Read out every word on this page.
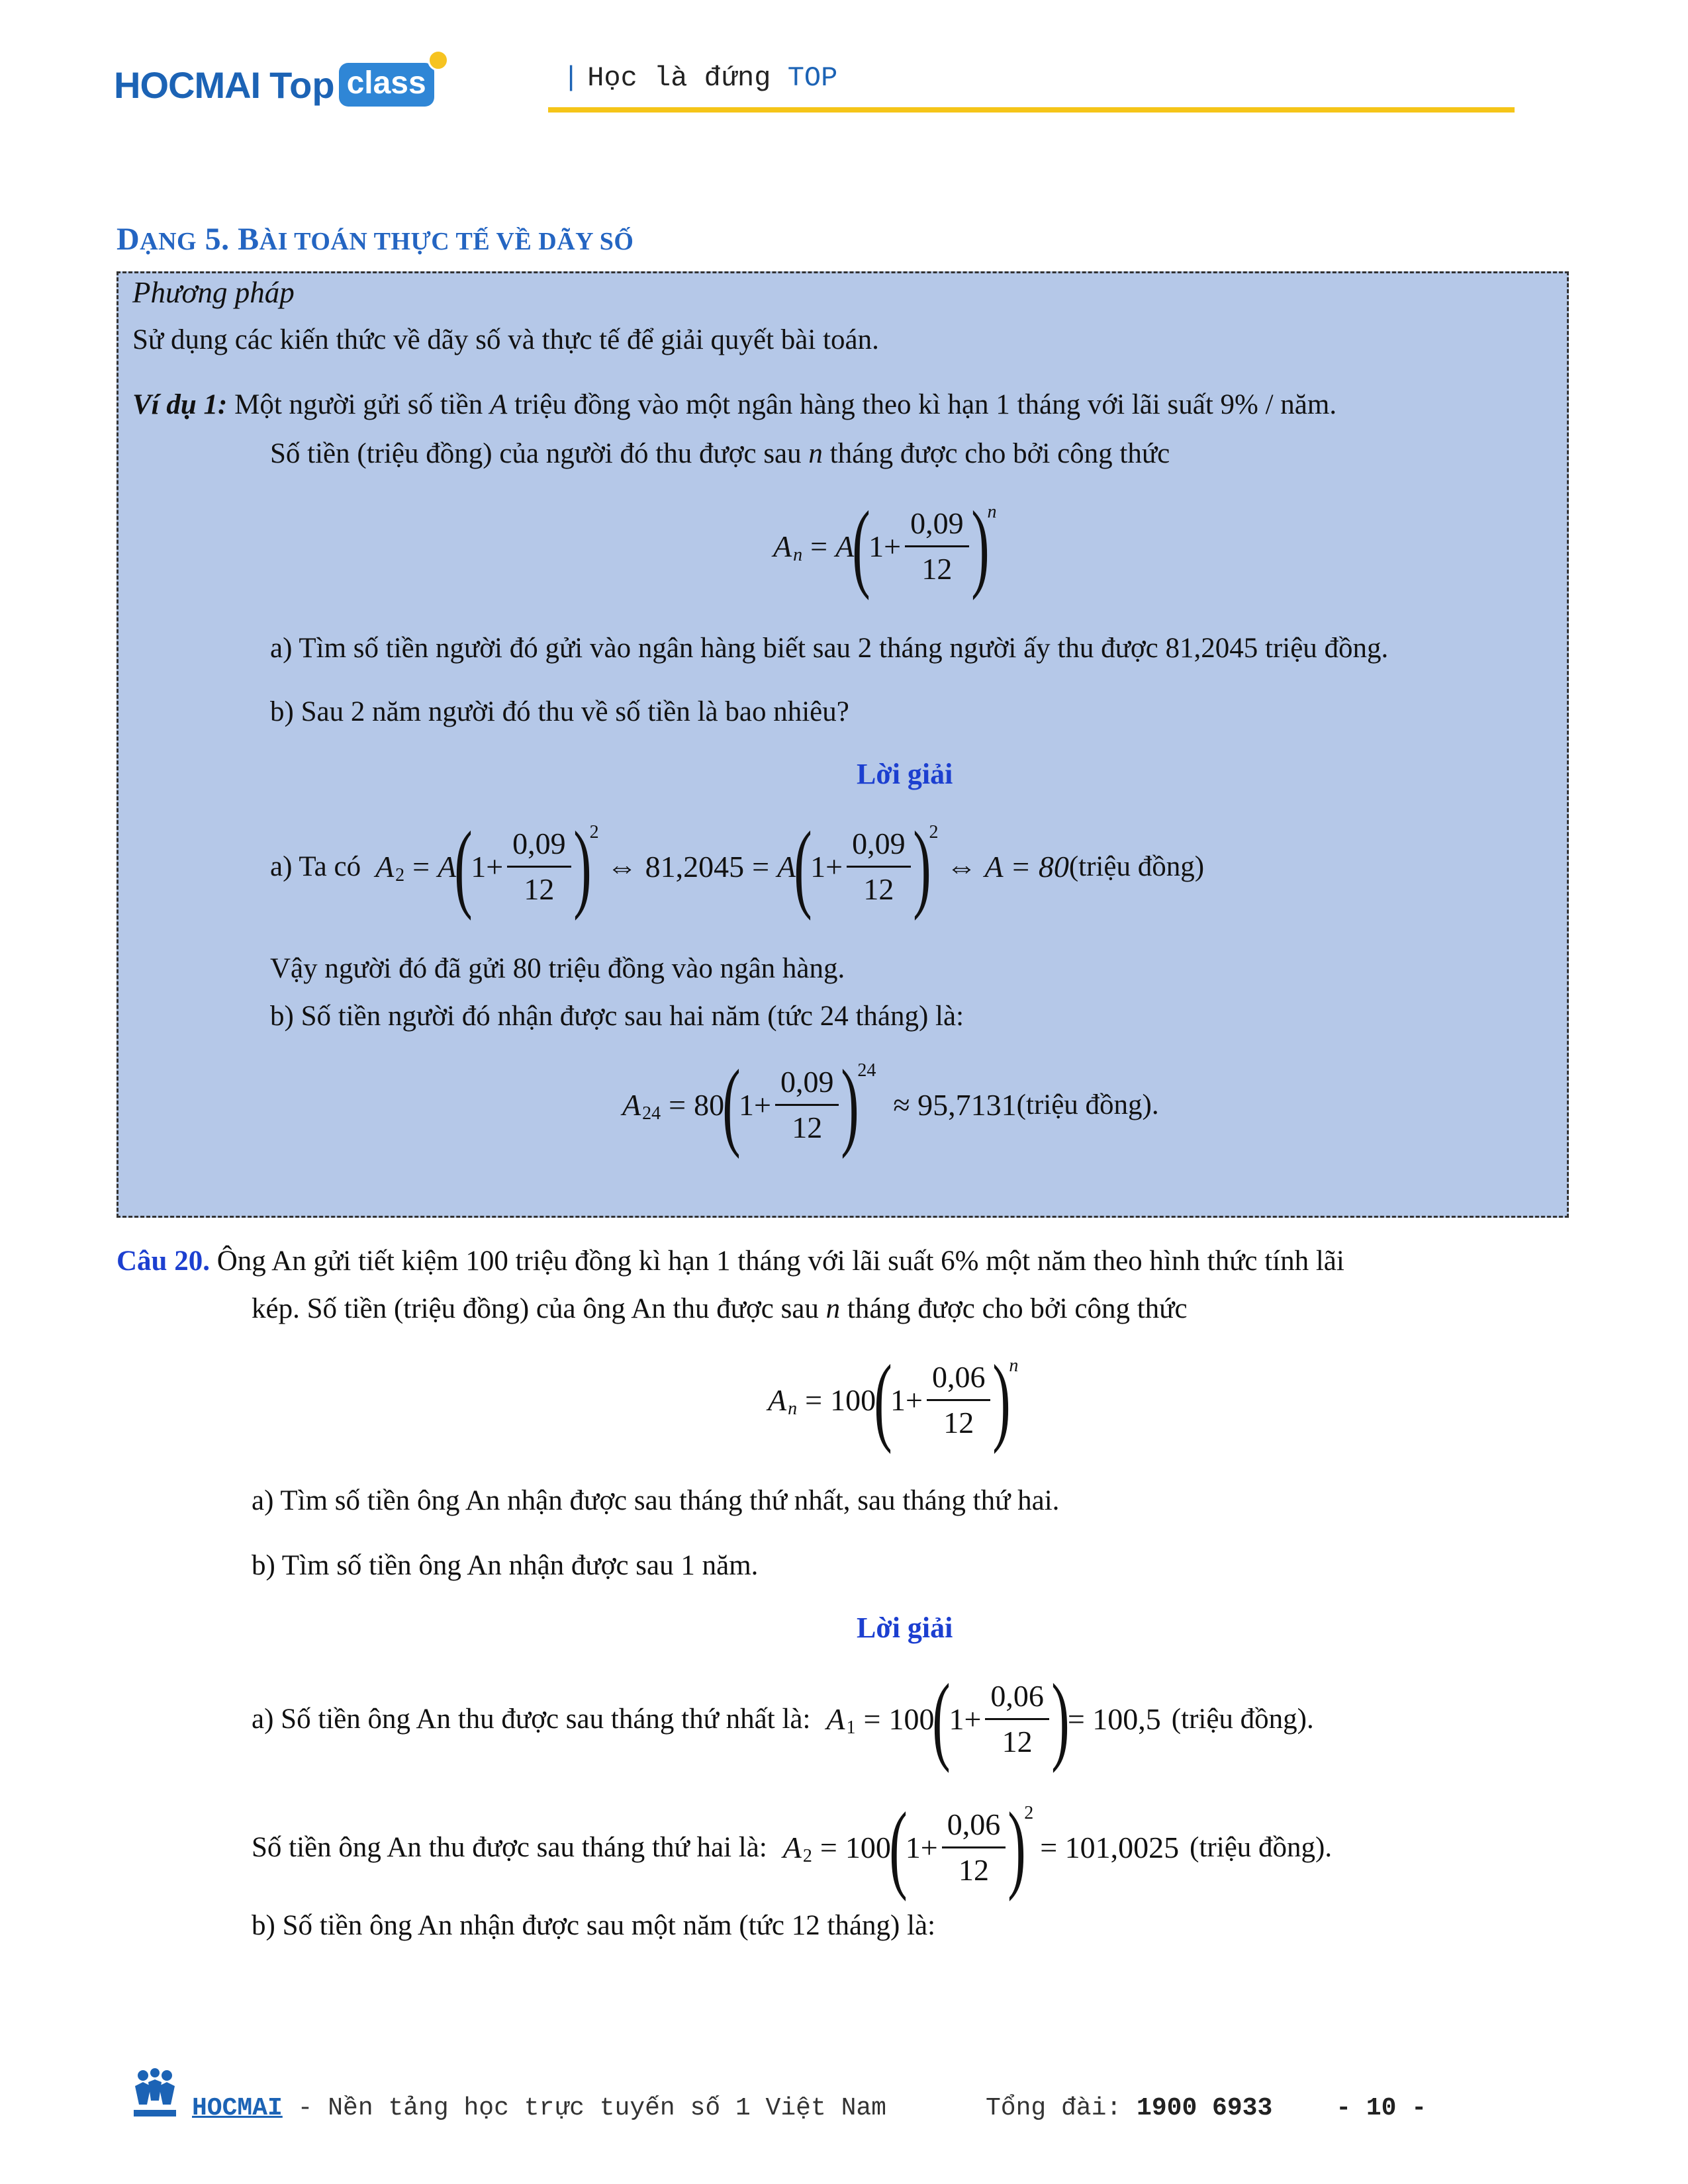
HOCMAI Top class	| Học là đứng TOP
DẠNG 5. BÀI TOÁN THỰC TẾ VỀ DÃY SỐ
Phương pháp
Sử dụng các kiến thức về dãy số và thực tế để giải quyết bài toán.
Ví dụ 1: Một người gửi số tiền A triệu đồng vào một ngân hàng theo kì hạn 1 tháng với lãi suất 9% / năm.
Số tiền (triệu đồng) của người đó thu được sau n tháng được cho bởi công thức
A n = A
(
$1+ \frac{0,09}{12}$ )
n
a) Tìm số tiền người đó gửi vào ngân hàng biết sau 2 tháng người ấy thu được 81,2045 triệu đồng.
b) Sau 2 năm người đó thu về số tiền là bao nhiêu?
Lời giải
a) Ta có A 2 = A
(
$1+ \frac{0,09}{12}$ )
2
⇔ 81,2045 = A
(
$1+ \frac{0,09}{12}$ )
2
⇔ A = 80 (triệu đồng)
Vậy người đó đã gửi 80 triệu đồng vào ngân hàng.
b) Số tiền người đó nhận được sau hai năm (tức 24 tháng) là:
A 24 = 80
(
$1+ \frac{0,09}{12}$ )
24
≈ 95,7131 (triệu đồng).
Câu 20. Ông An gửi tiết kiệm 100 triệu đồng kì hạn 1 tháng với lãi suất 6% một năm theo hình thức tính lãi
kép. Số tiền (triệu đồng) của ông An thu được sau n tháng được cho bởi công thức
A n = 100
(
$1+ \frac{0,06}{12}$ )
n
a) Tìm số tiền ông An nhận được sau tháng thứ nhất, sau tháng thứ hai.
b) Tìm số tiền ông An nhận được sau 1 năm.
Lời giải
a) Số tiền ông An thu được sau tháng thứ nhất là: A 1 = 100
(
$1+ \frac{0,06}{12}$ )
= 100,5 (triệu đồng).
Số tiền ông An thu được sau tháng thứ hai là: A 2 = 100
(
$1+ \frac{0,06}{12}$ )
2
= 101,0025 (triệu đồng).
b) Số tiền ông An nhận được sau một năm (tức 12 tháng) là:
HOCMAI - Nền tảng học trực tuyến số 1 Việt Nam	Tổng đài: 1900 6933	- 10 -
